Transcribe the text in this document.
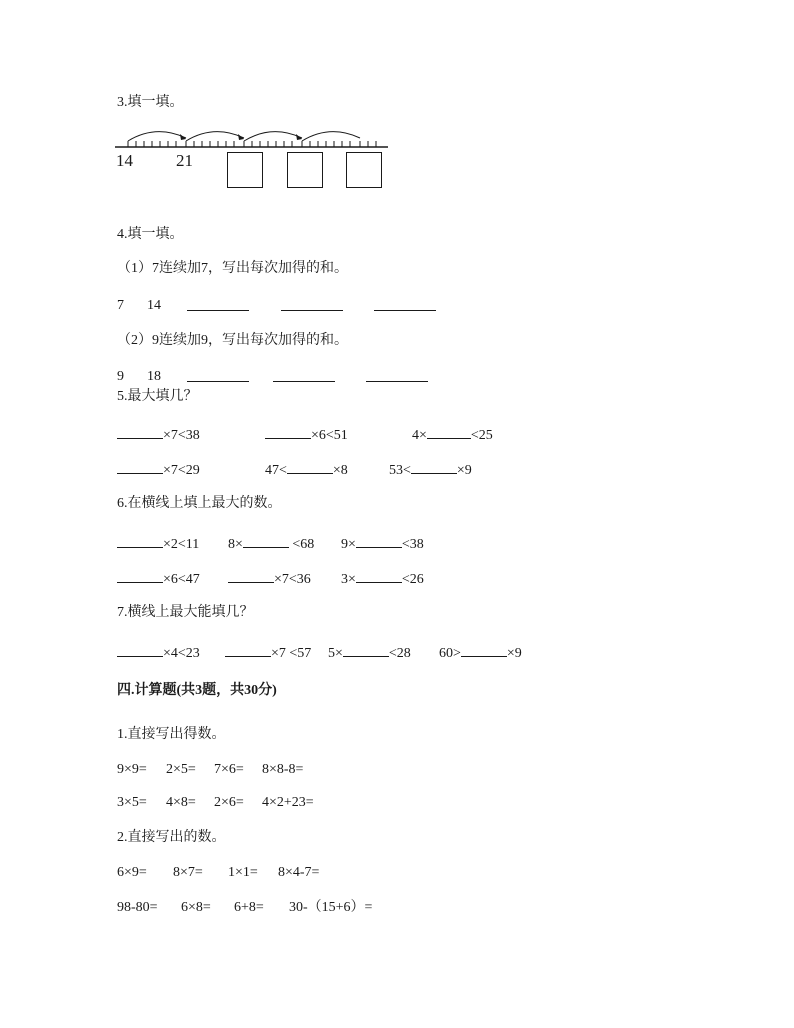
3.填一填。
14	21
4.填一填。
（1）7连续加7，写出每次加得的和。
7 14
（2）9连续加9，写出每次加得的和。
9 18
5.最大填几？
×7<38	×6<51	4×	<25
×7<29	47<	×8	53<	×9
6.在横线上填上最大的数。
×2<11 8×	<68 9×	<38
×6<47	×7<36 3×	<26
7.横线上最大能填几？
×4<23	×7 <57 5×	<28 60>	×9
四.计算题(共3题，共30分)
1.直接写出得数。
9×9= 2×5= 7×6= 8×8-8=
3×5= 4×8= 2×6= 4×2+23=
2.直接写出的数。
6×9= 8×7= 1×1= 8×4-7=
98-80= 6×8= 6+8= 30-（15+6）=
